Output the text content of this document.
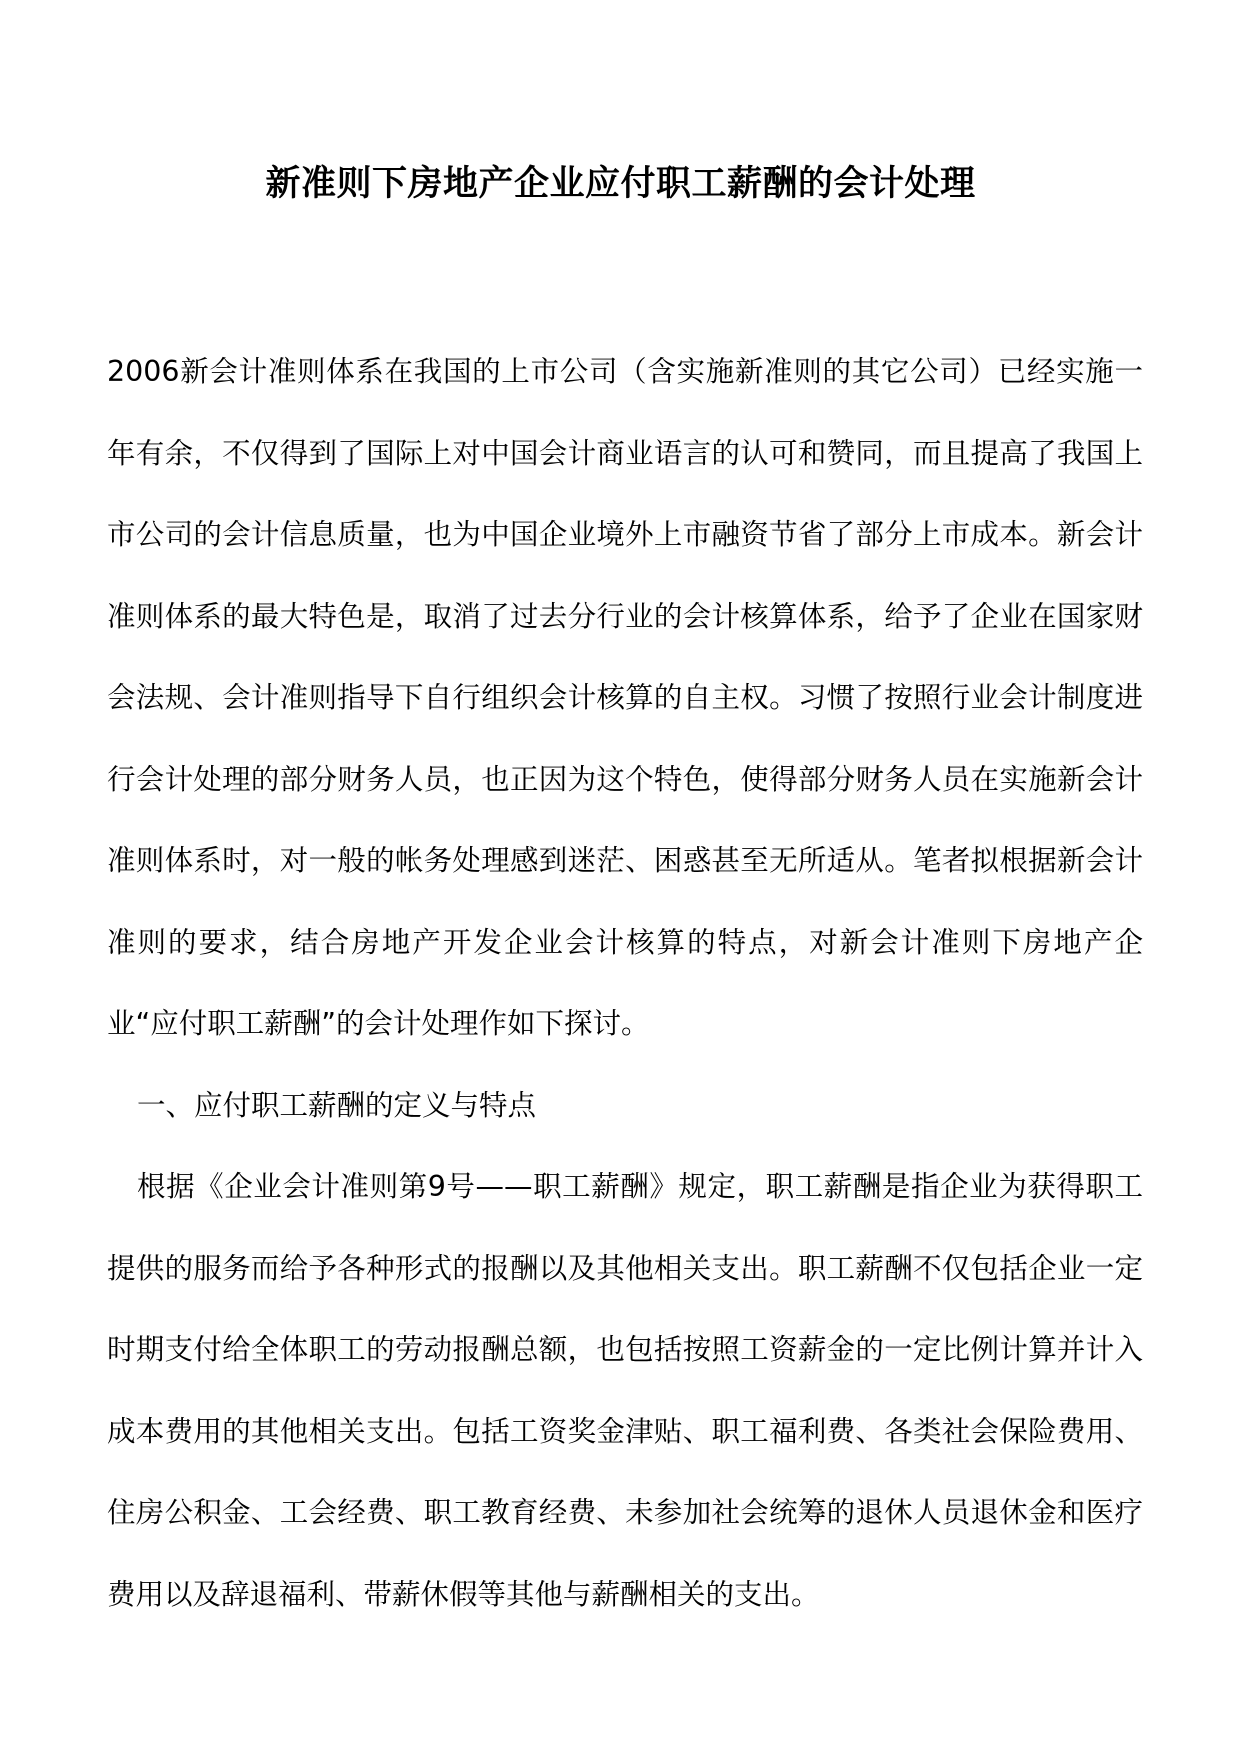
新准则下房地产企业应付职工薪酬的会计处理

2006新会计准则体系在我国的上市公司（含实施新准则的其它公司）已经实施一年有余，不仅得到了国际上对中国会计商业语言的认可和赞同，而且提高了我国上市公司的会计信息质量，也为中国企业境外上市融资节省了部分上市成本。新会计准则体系的最大特色是，取消了过去分行业的会计核算体系，给予了企业在国家财会法规、会计准则指导下自行组织会计核算的自主权。习惯了按照行业会计制度进行会计处理的部分财务人员，也正因为这个特色，使得部分财务人员在实施新会计准则体系时，对一般的帐务处理感到迷茫、困惑甚至无所适从。笔者拟根据新会计准则的要求，结合房地产开发企业会计核算的特点，对新会计准则下房地产企业“应付职工薪酬”的会计处理作如下探讨。

一、应付职工薪酬的定义与特点

根据《企业会计准则第9号——职工薪酬》规定，职工薪酬是指企业为获得职工提供的服务而给予各种形式的报酬以及其他相关支出。职工薪酬不仅包括企业一定时期支付给全体职工的劳动报酬总额，也包括按照工资薪金的一定比例计算并计入成本费用的其他相关支出。包括工资奖金津贴、职工福利费、各类社会保险费用、住房公积金、工会经费、职工教育经费、未参加社会统筹的退休人员退休金和医疗费用以及辞退福利、带薪休假等其他与薪酬相关的支出。
